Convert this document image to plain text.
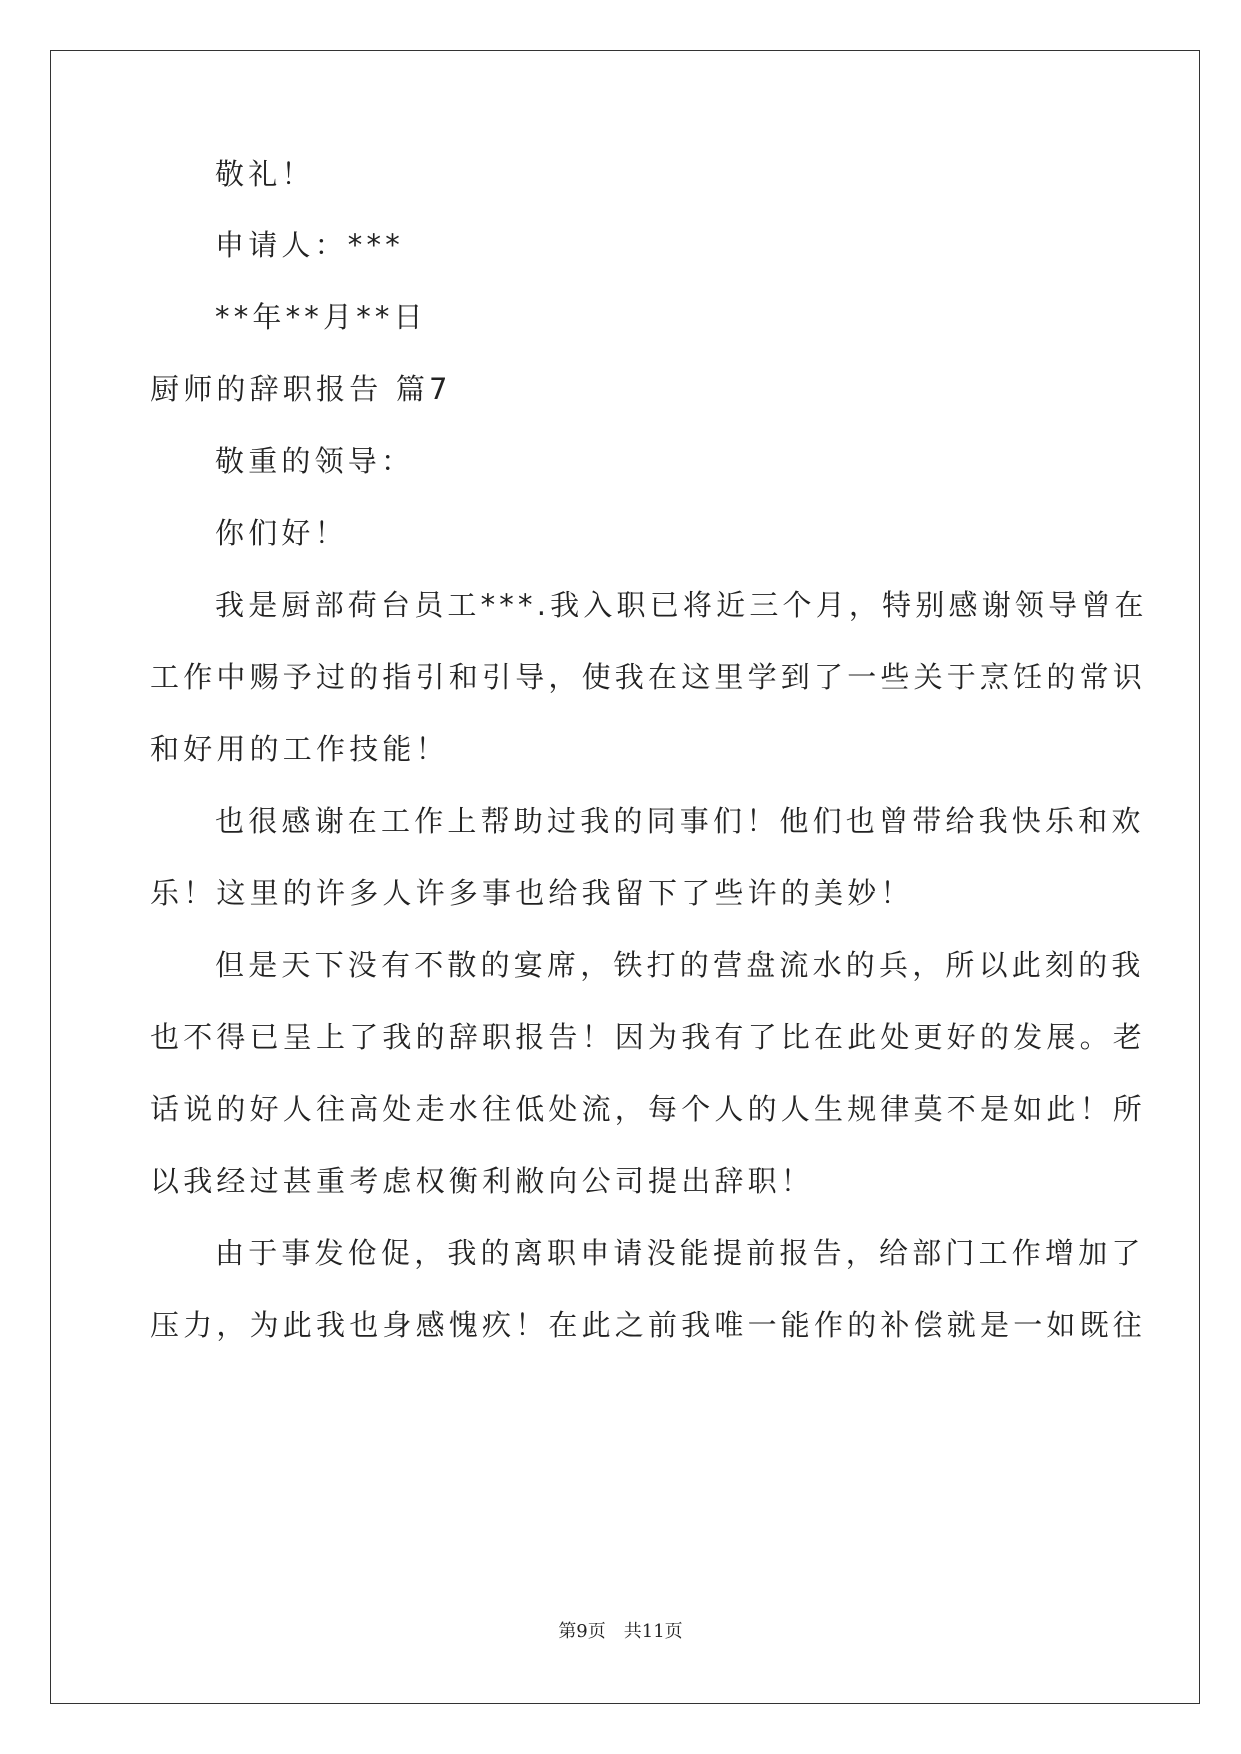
敬礼！
申请人：***
**年**月**日
厨师的辞职报告 篇7
敬重的领导：
你们好！
我是厨部荷台员工***.我入职已将近三个月，特别感谢领导曾在
工作中赐予过的指引和引导，使我在这里学到了一些关于烹饪的常识
和好用的工作技能！
也很感谢在工作上帮助过我的同事们！他们也曾带给我快乐和欢
乐！这里的许多人许多事也给我留下了些许的美妙！
但是天下没有不散的宴席，铁打的营盘流水的兵，所以此刻的我
也不得已呈上了我的辞职报告！因为我有了比在此处更好的发展。老
话说的好人往高处走水往低处流，每个人的人生规律莫不是如此！所
以我经过甚重考虑权衡利敝向公司提出辞职！
由于事发伧促，我的离职申请没能提前报告，给部门工作增加了
压力，为此我也身感愧疚！在此之前我唯一能作的补偿就是一如既往
第9页　共11页
